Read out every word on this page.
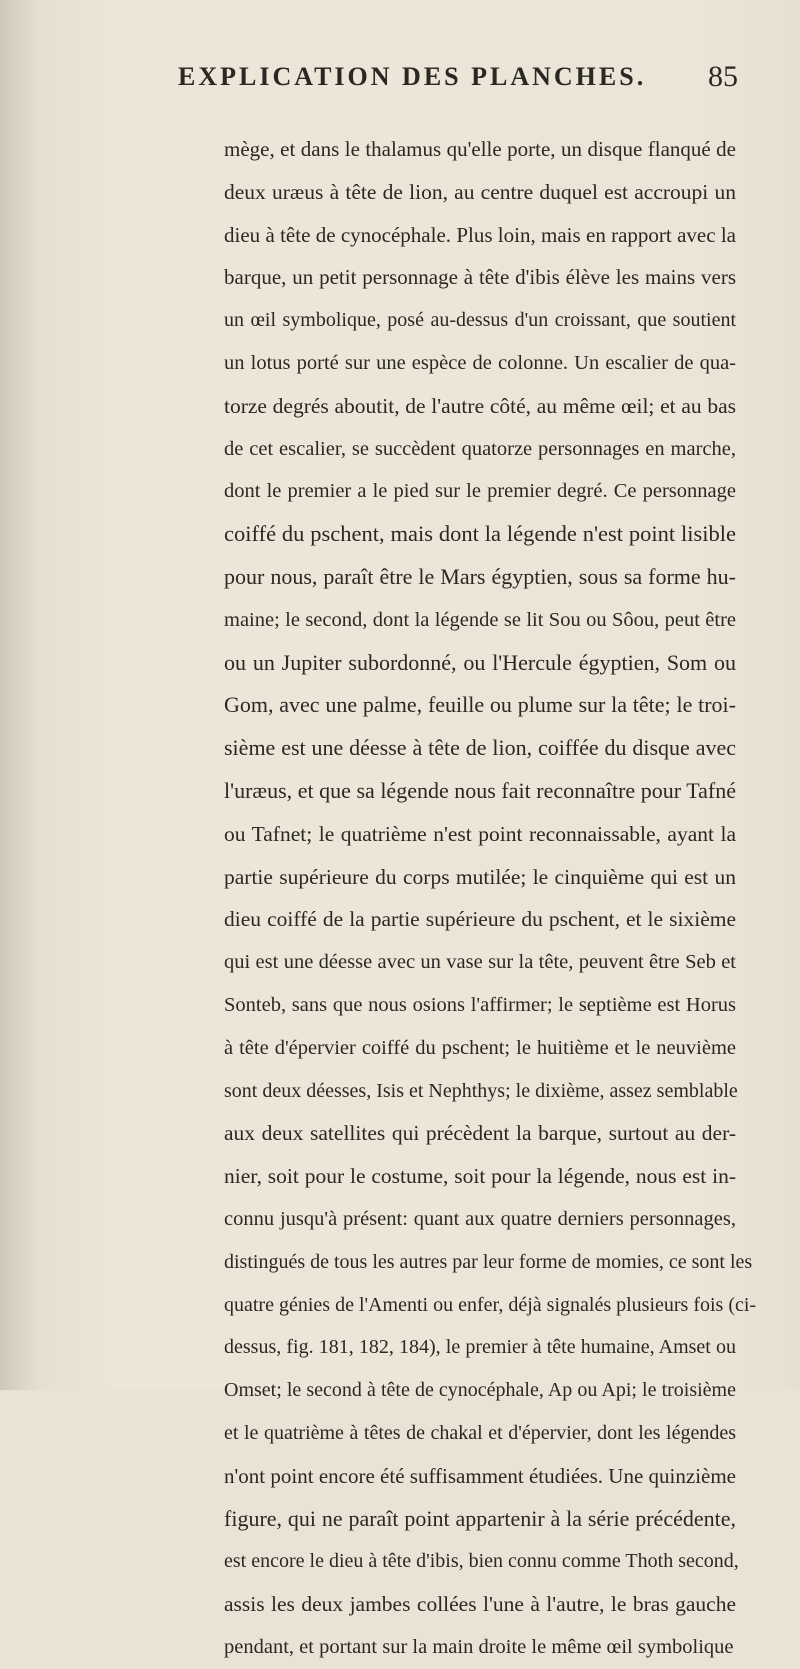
EXPLICATION DES PLANCHES. 85
mège, et dans le thalamus qu'elle porte, un disque flanqué de
deux uræus à tête de lion, au centre duquel est accroupi un
dieu à tête de cynocéphale. Plus loin, mais en rapport avec la
barque, un petit personnage à tête d'ibis élève les mains vers
un œil symbolique, posé au-dessus d'un croissant, que soutient
un lotus porté sur une espèce de colonne. Un escalier de qua-
torze degrés aboutit, de l'autre côté, au même œil; et au bas
de cet escalier, se succèdent quatorze personnages en marche,
dont le premier a le pied sur le premier degré. Ce personnage
coiffé du pschent, mais dont la légende n'est point lisible
pour nous, paraît être le Mars égyptien, sous sa forme hu-
maine; le second, dont la légende se lit Sou ou Sôou, peut être
ou un Jupiter subordonné, ou l'Hercule égyptien, Som ou
Gom, avec une palme, feuille ou plume sur la tête; le troi-
sième est une déesse à tête de lion, coiffée du disque avec
l'uræus, et que sa légende nous fait reconnaître pour Tafné
ou Tafnet; le quatrième n'est point reconnaissable, ayant la
partie supérieure du corps mutilée; le cinquième qui est un
dieu coiffé de la partie supérieure du pschent, et le sixième
qui est une déesse avec un vase sur la tête, peuvent être Seb et
Sonteb, sans que nous osions l'affirmer; le septième est Horus
à tête d'épervier coiffé du pschent; le huitième et le neuvième
sont deux déesses, Isis et Nephthys; le dixième, assez semblable
aux deux satellites qui précèdent la barque, surtout au der-
nier, soit pour le costume, soit pour la légende, nous est in-
connu jusqu'à présent: quant aux quatre derniers personnages,
distingués de tous les autres par leur forme de momies, ce sont les
quatre génies de l'Amenti ou enfer, déjà signalés plusieurs fois (ci-
dessus, fig. 181, 182, 184), le premier à tête humaine, Amset ou
Omset; le second à tête de cynocéphale, Ap ou Api; le troisième
et le quatrième à têtes de chakal et d'épervier, dont les légendes
n'ont point encore été suffisamment étudiées. Une quinzième
figure, qui ne paraît point appartenir à la série précédente,
est encore le dieu à tête d'ibis, bien connu comme Thoth second,
assis les deux jambes collées l'une à l'autre, le bras gauche
pendant, et portant sur la main droite le même œil symbolique
